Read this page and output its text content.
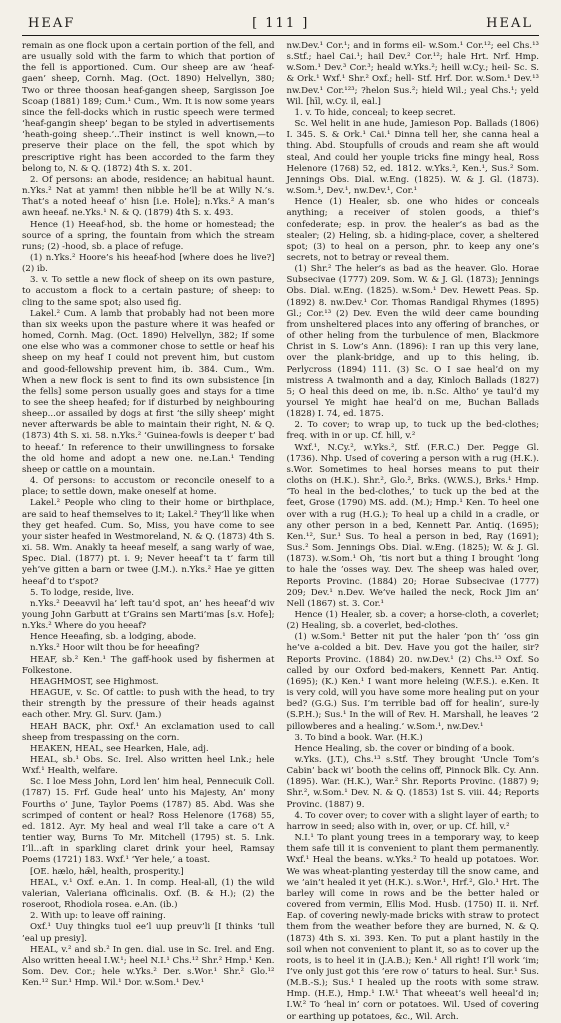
HEAF	[ 111 ]	HEAL

remain as one flock upon a certain portion of the fell, and are usually sold with the farm to which that portion of the fell is apportioned. Cum. Our sheep are aw ‘heaf-gaen’ sheep, Cornh. Mag. (Oct. 1890) Helvellyn, 380; Two or three thoosan heaf-gangen sheep, Sargisson Joe Scoap (1881) 189; Cum.¹ Cum., Wm. It is now some years since the fell-docks which in rustic speech were termed ‘heaf-gangin sheep’ began to be styled in advertisements ‘heath-going sheep.’..Their instinct is well known,—to preserve their place on the fell, the spot which by prescriptive right has been accorded to the farm they belong to, N. & Q. (1872) 4th S. x. 201.

2. Of persons: an abode, residence; an habitual haunt. n.Yks.² Nat at yamm! then nibble he’ll be at Willy N.’s. That’s a noted heeaf o’ hisn [i.e. Hole]; n.Yks.² A man’s awn heeaf. ne.Yks.¹ N. & Q. (1879) 4th S. x. 493.

Hence (1) Heeaf-hod, sb. the home or homestead; the source of a spring, the fountain from which the stream runs; (2) -hood, sb. a place of refuge.

(1) n.Yks.² Hoore’s his heeaf-hod [where does he live?] (2) ib.

3. v. To settle a new flock of sheep on its own pasture, to accustom a flock to a certain pasture; of sheep: to cling to the same spot; also used fig.

Lakel.² Cum. A lamb that probably had not been more than six weeks upon the pasture where it was heafed or homed, Cornh. Mag. (Oct. 1890) Helvellyn, 382; If some one else who was a commoner chose to settle or heaf his sheep on my heaf I could not prevent him, but custom and good-fellowship prevent him, ib. 384. Cum., Wm. When a new flock is sent to find its own subsistence [in the fells] some person usually goes and stays for a time to see the sheep heafed; for if disturbed by neighbouring sheep...or assailed by dogs at first ‘the silly sheep’ might never afterwards be able to maintain their right, N. & Q. (1873) 4th S. xi. 58. n.Yks.² ‘Guinea-fowls is deeper t’ bad to heeaf.’ In reference to their unwillingness to forsake the old home and adopt a new one. ne.Lan.¹ Tending sheep or cattle on a mountain.

4. Of persons: to accustom or reconcile oneself to a place; to settle down, make oneself at home.

Lakel.² People who cling to their home or birthplace, are said to heaf themselves to it; Lakel.² They’ll like when they get heafed. Cum. So, Miss, you have come to see your sister heafed in Westmoreland, N. & Q. (1873) 4th S. xi. 58. Wm. Anakly ta heeaf meself, a sang warly of wae, Spec. Dial. (1877) pt. i. 9; Never heeaf’t ta t’ farm till yeh’ve gitten a barn or twee (J.M.). n.Yks.² Hae ye gitten heeaf’d to t’spot?

5. To lodge, reside, live.

n.Yks.² Deeavvil ha’ left tau’d spot, an’ hes heeaf’d wiv young John Garbutt at t’Grains sen Marti’mas [s.v. Hofe]; n.Yks.² Where do you heeaf?

Hence Heeafing, sb. a lodging, abode.

n.Yks.² Hoor wilt thou be for heeafing?

HEAF, sb.² Ken.¹ The gaff-hook used by fishermen at Folkestone.

HEAGHMOST, see Highmost.

HEAGUE, v. Sc. Of cattle: to push with the head, to try their strength by the pressure of their heads against each other. Mry. Gl. Surv. (Jam.)

HEAH BACK, phr. Oxf.¹ An exclamation used to call sheep from trespassing on the corn.

HEAKEN, HEAL, see Hearken, Hale, adj.

HEAL, sb.¹ Obs. Sc. Irel. Also written heel Lnk.; hele Wxf.¹ Health, welfare.

Sc. I loe Mess John, Lord len’ him heal, Pennecuik Coll. (1787) 15. Frf. Gude heal’ unto his Majesty, An’ mony Fourths o’ June, Taylor Poems (1787) 85. Abd. Was she scrimped of content or heal? Ross Helenore (1768) 55, ed. 1812. Ayr. My heal and weal I’ll take a care o’t A tentier way, Burns To Mr. Mitchell (1795) st. 5. Lnk. I’ll...aft in sparkling claret drink your heel, Ramsay Poems (1721) 183. Wxf.¹ ‘Yer hele,’ a toast.

[OE. hælo, hǣl, health, prosperity.]

HEAL, v.¹ Oxf. e.An. 1. In comp. Heal-all, (1) the wild valerian, Valeriana officinalis. Oxf. (B. & H.); (2) the roseroot, Rhodiola rosea. e.An. (ib.)

2. With up: to leave off raining.

Oxf.¹ Uuy thingks tuol ee’l uup preuv’li [I thinks ’tull ’eal up presiy].

HEAL, v.² and sb.² In gen. dial. use in Sc. Irel. and Eng. Also written heeal I.W.¹; heel N.I.¹ Chs.¹² Shr.² Hmp.¹ Ken. Som. Dev. Cor.; hele w.Yks.² Der. s.Wor.¹ Shr.² Glo.¹² Ken.¹² Sur.¹ Hmp. Wil.¹ Dor. w.Som.¹ Dev.¹

nw.Dev.¹ Cor.¹; and in forms eil- w.Som.¹ Cor.¹²; eel Chs.¹³ s.Stf.; hael Cai.¹; hail Dev.² Cor.¹²; hale Hrt. Nrf. Hmp. w.Som.¹ Dev.³ Cor.³; heald w.Yks.²; heill w.Cy.; heil- Sc. S. & Ork.¹ Wxf.¹ Shr.² Oxf.; hell- Stf. Hrf. Dor. w.Som.¹ Dev.¹³ nw.Dev.¹ Cor.¹²³; ?helon Sus.²; hield Wil.; yeal Chs.¹; yeld Wil. [hīl, w.Cy. il, eal.]

1. v. To hide, conceal; to keep secret.

Sc. Wel helit in ane hude, Jamieson Pop. Ballads (1806) I. 345. S. & Ork.¹ Cai.¹ Dinna tell her, she canna heal a thing. Abd. Stoupfulls of crouds and ream she aft would steal, And could her youple tricks fine mingy heal, Ross Helenore (1768) 52, ed. 1812. w.Yks.², Ken.¹, Sus.² Som. Jennings Obs. Dial. w.Eng. (1825). W. & J. Gl. (1873). w.Som.¹, Dev.¹, nw.Dev.¹, Cor.¹

Hence (1) Healer, sb. one who hides or conceals anything; a receiver of stolen goods, a thief’s confederate; esp. in prov. the healer’s as bad as the stealer; (2) Heling, sb. a hiding-place, cover, a sheltered spot; (3) to heal on a person, phr. to keep any one’s secrets, not to betray or reveal them.

(1) Shr.² The heler’s as bad as the heaver. Glo. Horae Subsecivae (1777) 209. Som. W. & J. Gl. (1873); Jennings Obs. Dial. w.Eng. (1825). w.Som.¹ Dev. Hewett Peas. Sp. (1892) 8. nw.Dev.¹ Cor. Thomas Randigal Rhymes (1895) Gl.; Cor.¹³ (2) Dev. Even the wild deer came bounding from unsheltered places into any offering of branches, or of other heling from the turbulence of men, Blackmore Christ in S. Low’s Ann. (1896): I ran up this very lane, over the plank-bridge, and up to this heling, ib. Perlycross (1894) 111. (3) Sc. O I sae heal’d on my mistress A twalmonth and a day, Kinloch Ballads (1827) 5; O heal this deed on me, ib. n.Sc. Altho’ ye taul’d my yoursel Ye might hae heal’d on me, Buchan Ballads (1828) I. 74, ed. 1875.

2. To cover; to wrap up, to tuck up the bed-clothes; freq. with in or up. Cf. hill, v.²

Wxf.¹, N.Cy.², w.Yks.², Stf. (F.R.C.) Der. Pegge Gl. (1736). Nhp. Used of covering a person with a rug (H.K.). s.Wor. Sometimes to heal horses means to put their cloths on (H.K.). Shr.², Glo.², Brks. (W.W.S.), Brks.¹ Hmp. ‘To heal in the bed-clothes,’ to tuck up the bed at the feet, Grose (1790) MS. add. (M.); Hmp.¹ Ken. To heel one over with a rug (H.G.); To heal up a child in a cradle, or any other person in a bed, Kennett Par. Antiq. (1695); Ken.¹², Sur.¹ Sus. To heal a person in bed, Ray (1691); Sus.² Som. Jennings Obs. Dial. w.Eng. (1825); W. & J. Gl. (1873). w.Som.¹ Oh, ’tis nort but a thing I brought ’long to hale the ’osses way. Dev. The sheep was haled over, Reports Provinc. (1884) 20; Horae Subsecivae (1777) 209; Dev.¹ n.Dev. We’ve hailed the neck, Rock Jim an’ Nell (1867) st. 3. Cor.¹

Hence (1) Healer, sb. a cover; a horse-cloth, a coverlet; (2) Healing, sb. a coverlet, bed-clothes.

(1) w.Som.¹ Better nit put the haler ’pon th’ ’oss gin he’ve a-colded a bit. Dev. Have you got the hailer, sir? Reports Provinc. (1884) 20. nw.Dev.¹ (2) Chs.¹³ Oxf. So called by our Oxford bed-makers, Kennett Par. Antiq. (1695); (K.) Ken.¹ I want more heleing (W.F.S.). e.Ken. It is very cold, will you have some more healing put on your bed? (G.G.) Sus. I’m terrible bad off for healin’, sure-ly (S.P.H.); Sus.¹ In the will of Rev. H. Marshall, he leaves ‘2 pillowberes and a healing.’ w.Som.¹, nw.Dev.¹

3. To bind a book. War. (H.K.)

Hence Healing, sb. the cover or binding of a book.

w.Yks. (J.T.), Chs.¹³ s.Stf. They brought ‘Uncle Tom’s Cabin’ back wi’ booth the celins off, Pinnock Blk. Cy. Ann. (1895). War. (H.K.), War.² Shr. Reports Provinc. (1887) 9; Shr.², w.Som.¹ Dev. N. & Q. (1853) 1st S. viii. 44; Reports Provinc. (1887) 9.

4. To cover over; to cover with a slight layer of earth; to harrow in seed; also with in, over, or up. Cf. hill, v.²

N.I.¹ To plant young trees in a temporary way, to keep them safe till it is convenient to plant them permanently. Wxf.¹ Heal the beans. w.Yks.² To heald up potatoes. Wor. We was wheat-planting yesterday till the snow came, and we ’ain’t healed it yet (H.K.). s.Wor.¹, Hrf.², Glo.¹ Hrt. The barley will come in rows and be the better haled or covered from vermin, Ellis Mod. Husb. (1750) II. ii. Nrf. Eap. of covering newly-made bricks with straw to protect them from the weather before they are burned, N. & Q. (1873) 4th S. xi. 393. Ken. To put a plant hastily in the soil when not convenient to plant it, so as to cover up the roots, is to heel it in (J.A.B.); Ken.¹ All right! I’ll work ’im; I’ve only just got this ’ere row o’ taturs to heal. Sur.¹ Sus. (M.B.-S.); Sus.¹ I healed up the roots with some straw. Hmp. (H.E.), Hmp.¹ I.W.¹ That wheeat’s well heeal’d in; I.W.² To ‘heal in’ corn or potatoes. Wil. Used of covering or earthing up potatoes, &c., Wil. Arch.
